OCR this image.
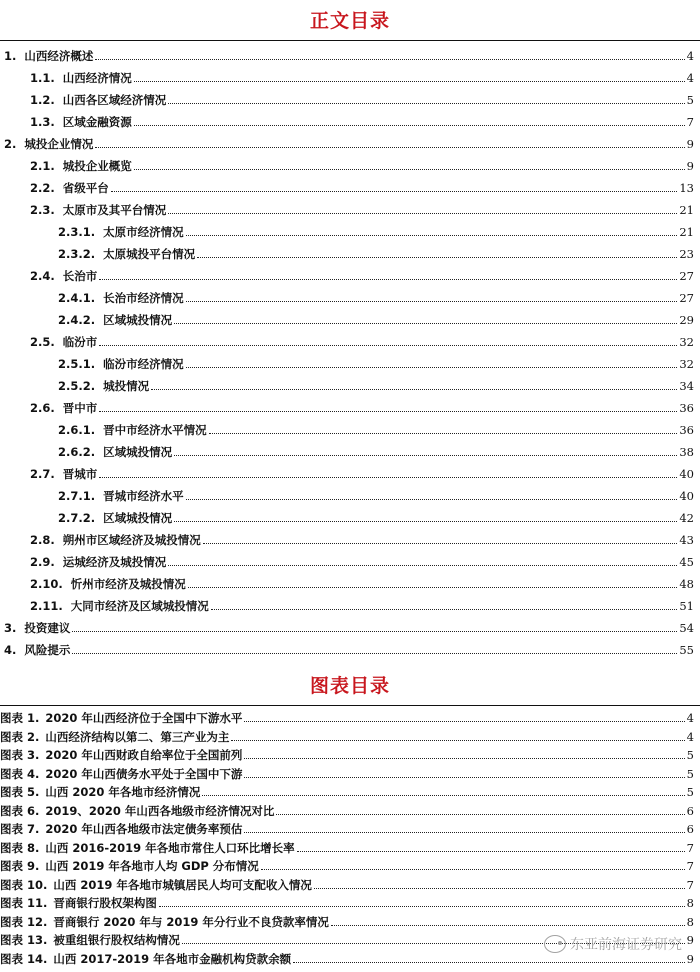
正文目录
1. 山西经济概述	4
1.1. 山西经济情况	4
1.2. 山西各区域经济情况	5
1.3. 区域金融资源	7
2. 城投企业情况	9
2.1. 城投企业概览	9
2.2. 省级平台	13
2.3. 太原市及其平台情况	21
2.3.1. 太原市经济情况	21
2.3.2. 太原城投平台情况	23
2.4. 长治市	27
2.4.1. 长治市经济情况	27
2.4.2. 区域城投情况	29
2.5. 临汾市	32
2.5.1. 临汾市经济情况	32
2.5.2. 城投情况	34
2.6. 晋中市	36
2.6.1. 晋中市经济水平情况	36
2.6.2. 区域城投情况	38
2.7. 晋城市	40
2.7.1. 晋城市经济水平	40
2.7.2. 区域城投情况	42
2.8. 朔州市区域经济及城投情况	43
2.9. 运城经济及城投情况	45
2.10. 忻州市经济及城投情况	48
2.11. 大同市经济及区域城投情况	51
3. 投资建议	54
4. 风险提示	55
图表目录
图表 1. 2020 年山西经济位于全国中下游水平	4
图表 2. 山西经济结构以第二、第三产业为主	4
图表 3. 2020 年山西财政自给率位于全国前列	5
图表 4. 2020 年山西债务水平处于全国中下游	5
图表 5. 山西 2020 年各地市经济情况	5
图表 6. 2019、2020 年山西各地级市经济情况对比	6
图表 7. 2020 年山西各地级市法定债务率预估	6
图表 8. 山西 2016-2019 年各地市常住人口环比增长率	7
图表 9. 山西 2019 年各地市人均 GDP 分布情况	7
图表 10. 山西 2019 年各地市城镇居民人均可支配收入情况	7
图表 11. 晋商银行股权架构图	8
图表 12. 晋商银行 2020 年与 2019 年分行业不良贷款率情况	8
图表 13. 被重组银行股权结构情况	9
图表 14. 山西 2017-2019 年各地市金融机构贷款余额	9
东亚前海证券研究
